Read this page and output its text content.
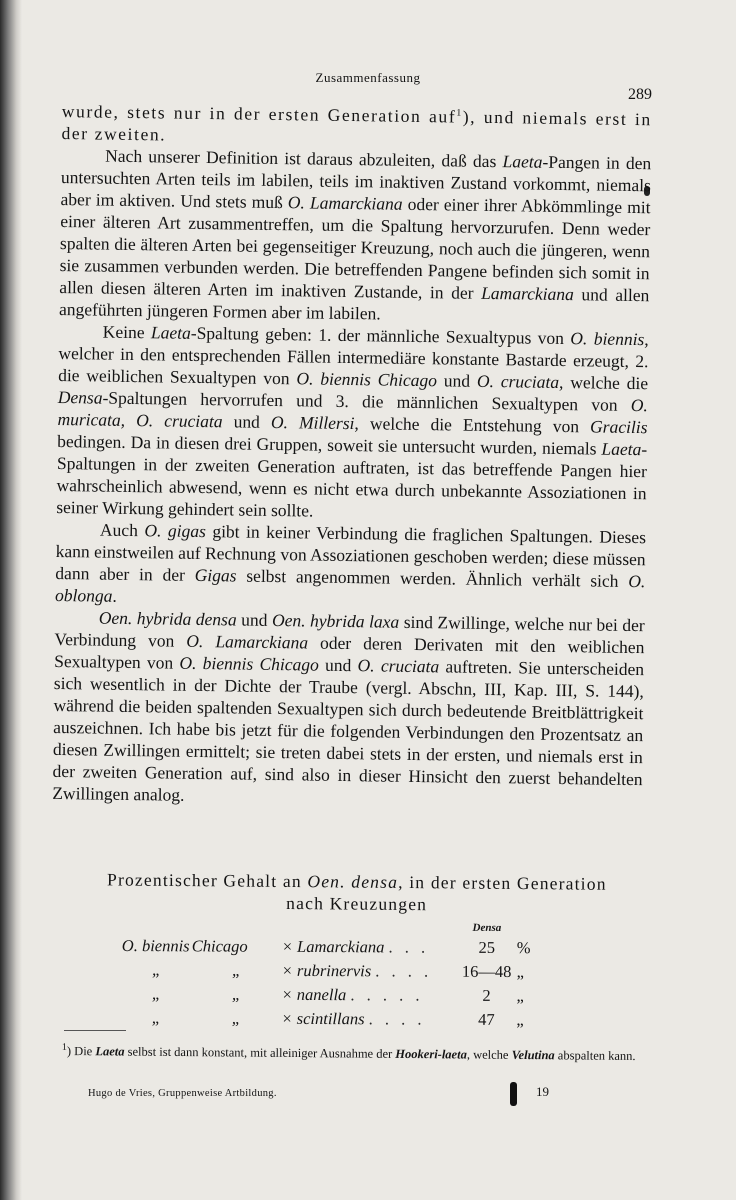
Zusammenfassung
289

wurde, stets nur in der ersten Generation auf$^1$), und niemals erst in der zweiten.

Nach unserer Definition ist daraus abzuleiten, daß das Laeta-Pangen in den untersuchten Arten teils im labilen, teils im inaktiven Zustand vorkommt, niemals aber im aktiven. Und stets muß O. Lamarckiana oder einer ihrer Abkömmlinge mit einer älteren Art zusammentreffen, um die Spaltung hervorzurufen. Denn weder spalten die älteren Arten bei gegenseitiger Kreuzung, noch auch die jüngeren, wenn sie zusammen verbunden werden. Die betreffenden Pangene befinden sich somit in allen diesen älteren Arten im inaktiven Zustande, in der Lamarckiana und allen angeführten jüngeren Formen aber im labilen.

Keine Laeta-Spaltung geben: 1. der männliche Sexualtypus von O. biennis, welcher in den entsprechenden Fällen intermediäre konstante Bastarde erzeugt, 2. die weiblichen Sexualtypen von O. biennis Chicago und O. cruciata, welche die Densa-Spaltungen hervorrufen und 3. die männlichen Sexualtypen von O. muricata, O. cruciata und O. Millersi, welche die Entstehung von Gracilis bedingen. Da in diesen drei Gruppen, soweit sie untersucht wurden, niemals Laeta-Spaltungen in der zweiten Generation auftraten, ist das betreffende Pangen hier wahrscheinlich abwesend, wenn es nicht etwa durch unbekannte Assoziationen in seiner Wirkung gehindert sein sollte.

Auch O. gigas gibt in keiner Verbindung die fraglichen Spaltungen. Dieses kann einstweilen auf Rechnung von Assoziationen geschoben werden; diese müssen dann aber in der Gigas selbst angenommen werden. Ähnlich verhält sich O. oblonga.

Oen. hybrida densa und Oen. hybrida laxa sind Zwillinge, welche nur bei der Verbindung von O. Lamarckiana oder deren Derivaten mit den weiblichen Sexualtypen von O. biennis Chicago und O. cruciata auftreten. Sie unterscheiden sich wesentlich in der Dichte der Traube (vergl. Abschn, III, Kap. III, S. 144), während die beiden spaltenden Sexualtypen sich durch bedeutende Breitblättrigkeit auszeichnen. Ich habe bis jetzt für die folgenden Verbindungen den Prozentsatz an diesen Zwillingen ermittelt; sie treten dabei stets in der ersten, und niemals erst in der zweiten Generation auf, sind also in dieser Hinsicht den zuerst behandelten Zwillingen analog.

Prozentischer Gehalt an Oen. densa, in der ersten Generation
nach Kreuzungen
			Densa	
O. biennis	Chicago	× Lamarckiana . . .	25	%
„	„	× rubrinervis . . . .	16—48	„
„	„	× nanella . . . . .	2	„
„	„	× scintillans . . . .	47	„
$^1$) Die Laeta selbst ist dann konstant, mit alleiniger Ausnahme der Hookeri-laeta, welche Velutina abspalten kann.
Hugo de Vries, Gruppenweise Artbildung.	19
